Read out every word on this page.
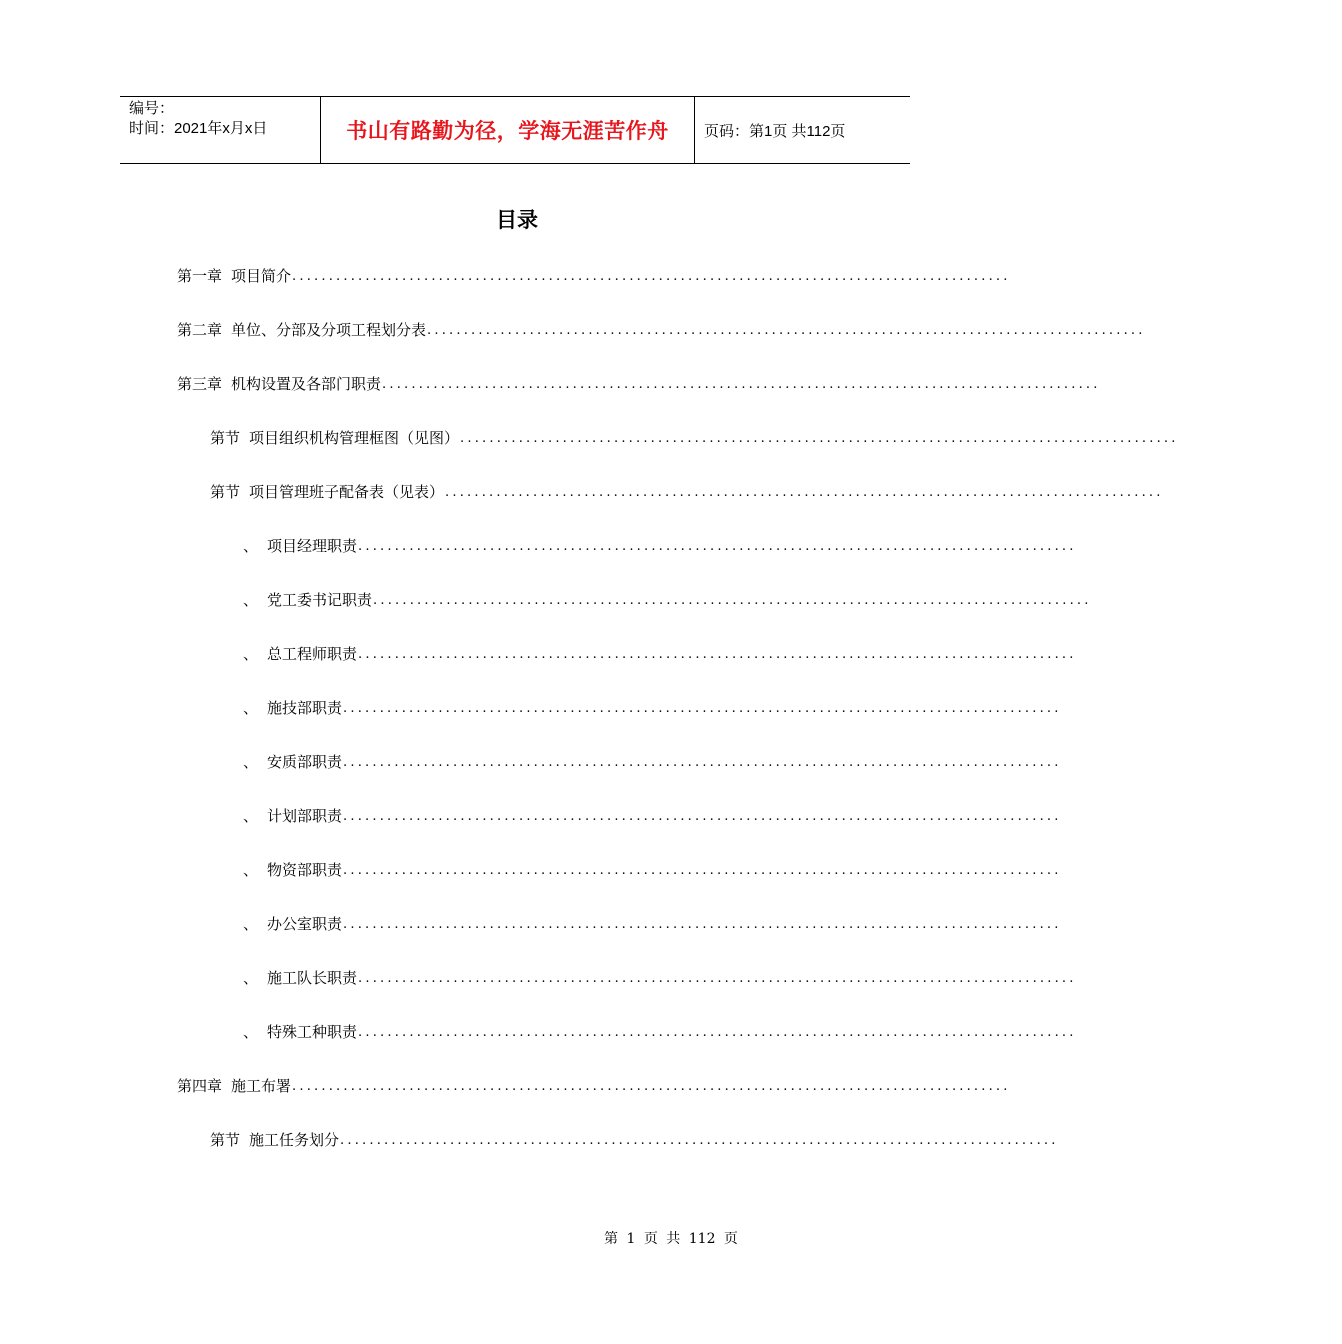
编号：
时间：2021年x月x日	书山有路勤为径，学海无涯苦作舟 页码：第1页 共112页
目录
第一章 项目简介 ..................................................................................................
第二章 单位、分部及分项工程划分表 ..................................................................................................
第三章 机构设置及各部门职责 ..................................................................................................
第节 项目组织机构管理框图（见图） ..................................................................................................
第节 项目管理班子配备表（见表） ..................................................................................................
、 项目经理职责 ..................................................................................................
、 党工委书记职责 ..................................................................................................
、 总工程师职责 ..................................................................................................
、 施技部职责 ..................................................................................................
、 安质部职责 ..................................................................................................
、 计划部职责 ..................................................................................................
、 物资部职责 ..................................................................................................
、 办公室职责 ..................................................................................................
、 施工队长职责 ..................................................................................................
、 特殊工种职责 ..................................................................................................
第四章 施工布署 ..................................................................................................
第节 施工任务划分 ..................................................................................................
第 1 页 共 112 页
